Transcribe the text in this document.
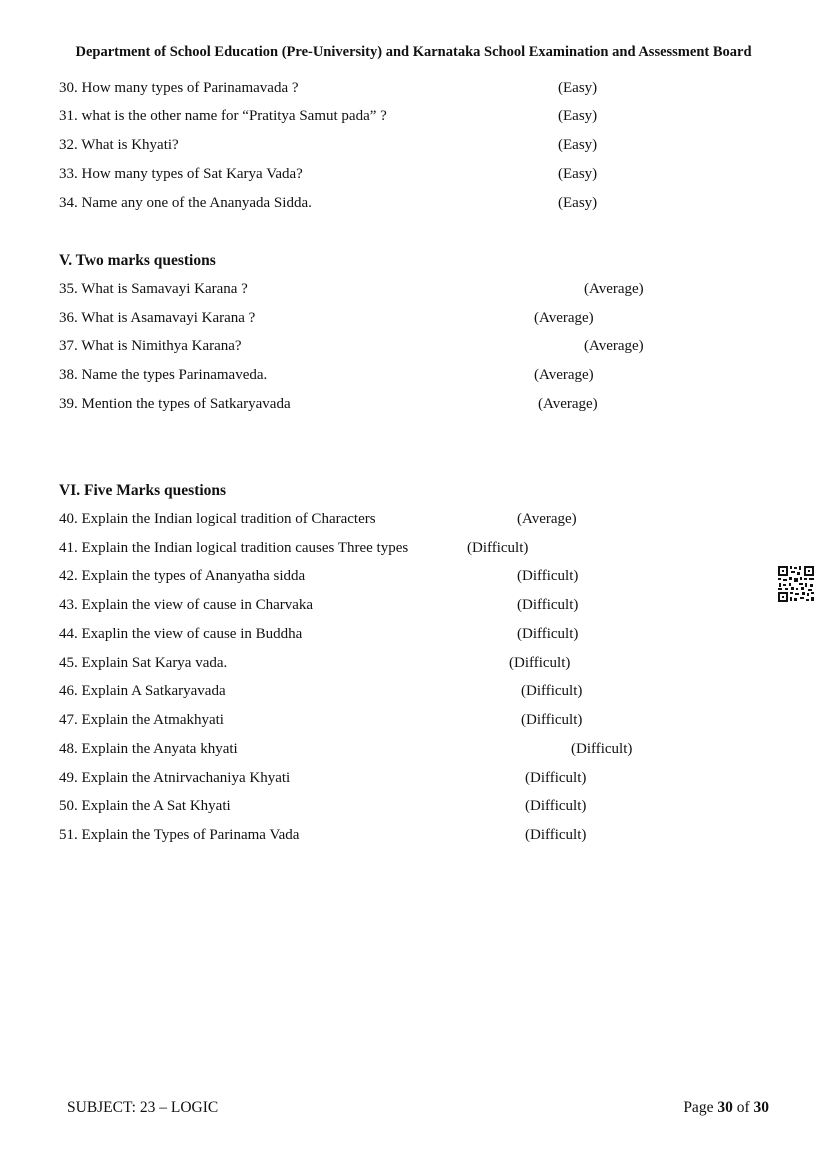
Department of School Education (Pre-University) and Karnataka School Examination and Assessment Board
30. How many types of Parinamavada ?	(Easy)
31. what is the other name for “Pratitya Samut pada” ?	(Easy)
32. What is Khyati?	(Easy)
33. How many types of Sat Karya Vada?	(Easy)
34. Name any one of the Ananyada Sidda.	(Easy)
V. Two marks questions
35. What is Samavayi Karana ?	(Average)
36. What is Asamavayi Karana ?	(Average)
37. What is Nimithya Karana?	(Average)
38. Name the types Parinamaveda.	(Average)
39. Mention the types of Satkaryavada	(Average)
VI. Five Marks questions
40. Explain the Indian logical tradition of Characters	(Average)
41. Explain the Indian logical tradition causes Three types	(Difficult)
42. Explain the types of Ananyatha sidda	(Difficult)
43. Explain the view of cause in Charvaka	(Difficult)
44. Exaplin the view of cause in Buddha	(Difficult)
45. Explain Sat Karya vada.	(Difficult)
46. Explain A Satkaryavada	(Difficult)
47. Explain the Atmakhyati	(Difficult)
48. Explain the Anyata khyati	(Difficult)
49. Explain the Atnirvachaniya Khyati	(Difficult)
50. Explain the A Sat Khyati	(Difficult)
51. Explain the Types of Parinama Vada	(Difficult)
SUBJECT: 23 – LOGIC	Page 30 of 30
